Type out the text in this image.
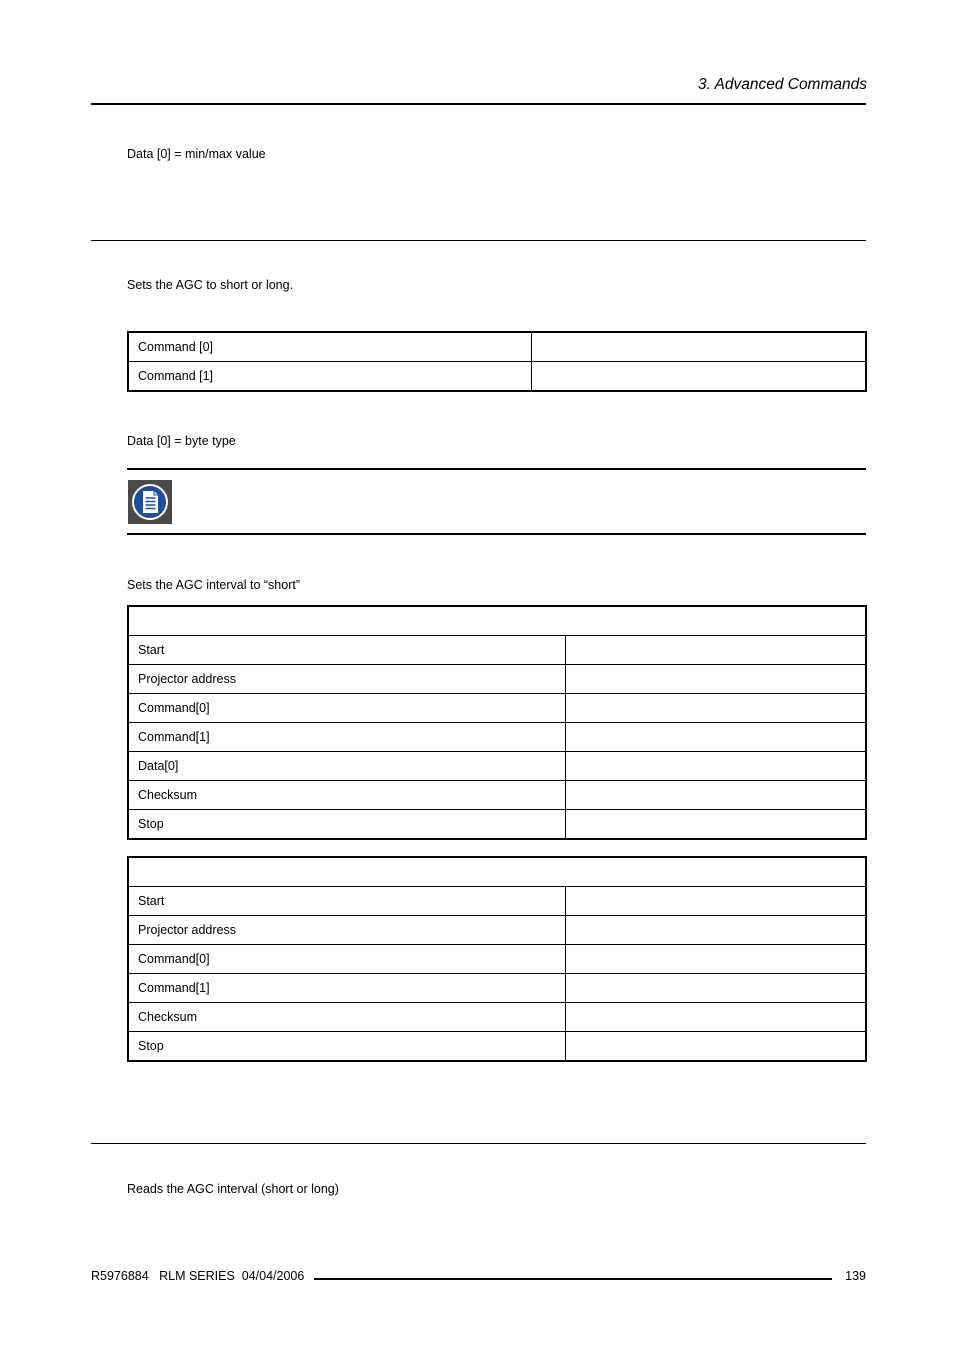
3. Advanced Commands
Data [0] = min/max value
Sets the AGC to short or long.
Command [0]	
Command [1]	
Data [0] = byte type
Sets the AGC interval to “short”

Start	
Projector address	
Command[0]	
Command[1]	
Data[0]	
Checksum	
Stop	

Start	
Projector address	
Command[0]	
Command[1]	
Checksum	
Stop	
Reads the AGC interval (short or long)
R5976884   RLM SERIES  04/04/2006	139
